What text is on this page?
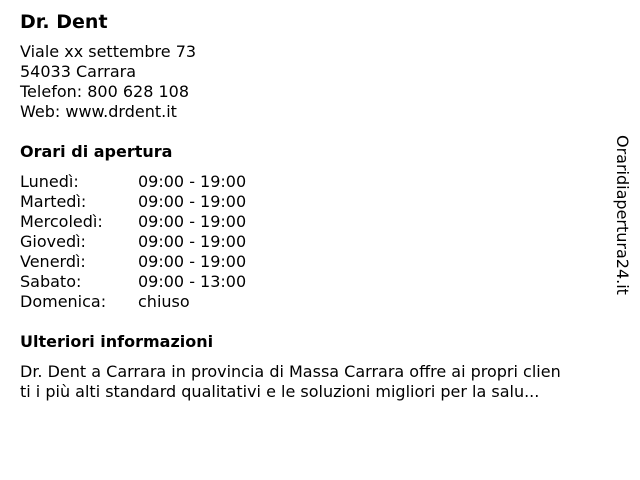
Dr. Dent
Viale xx settembre 73
54033 Carrara
Telefon: 800 628 108
Web: www.drdent.it
Orari di apertura
Lunedì:	09:00 - 19:00
Martedì:	09:00 - 19:00
Mercoledì: 09:00 - 19:00
Giovedì:	09:00 - 19:00
Venerdì:	09:00 - 19:00
Sabato:	09:00 - 13:00
Domenica: chiuso
Ulteriori informazioni
Dr. Dent a Carrara in provincia di Massa Carrara offre ai propri clien
ti i più alti standard qualitativi e le soluzioni migliori per la salu...
Oraridiapertura24.it
